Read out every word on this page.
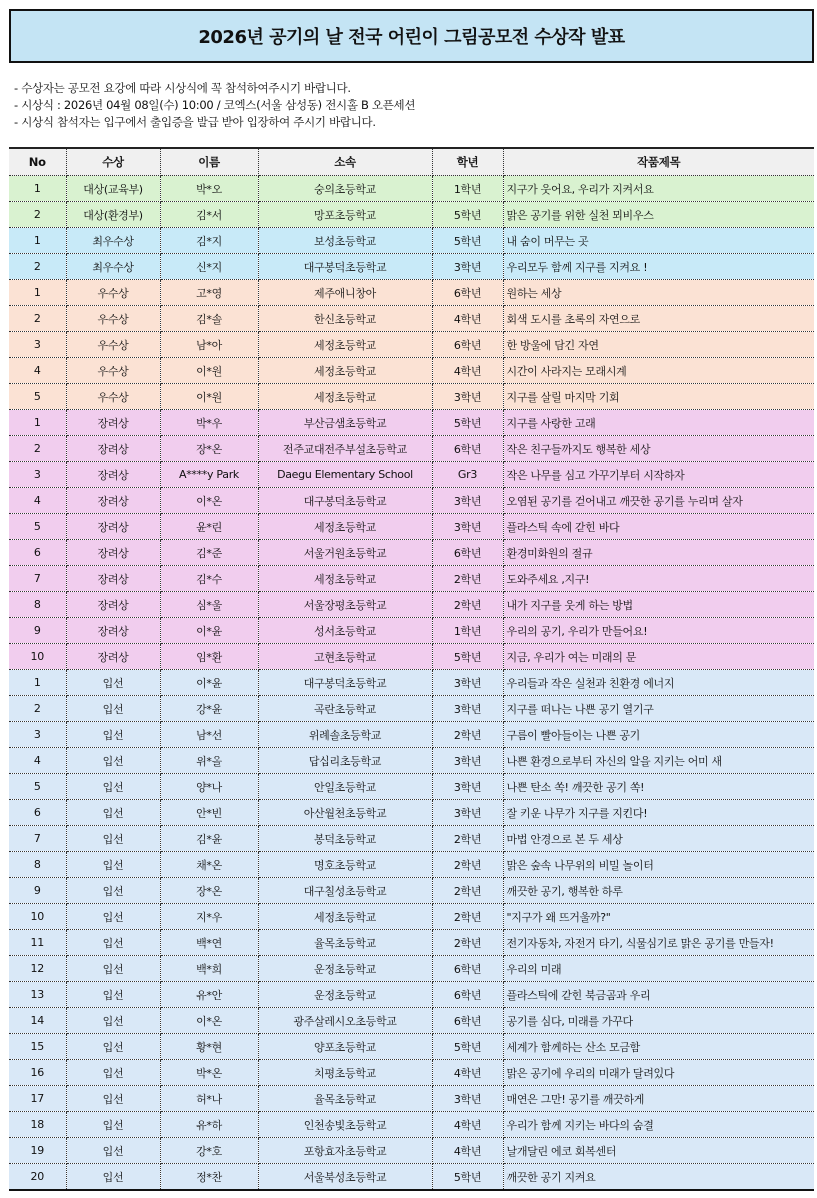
2026년 공기의 날 전국 어린이 그림공모전 수상작 발표
- 수상자는 공모전 요강에 따라 시상식에 꼭 참석하여주시기 바랍니다.
- 시상식 : 2026년 04월 08일(수) 10:00 / 코엑스(서울 삼성동) 전시홀 B 오픈세션
- 시상식 참석자는 입구에서 출입증을 발급 받아 입장하여 주시기 바랍니다.
No	수상	이름	소속	학년	작품제목
1	대상(교육부)	박*오	숭의초등학교	1학년	지구가 웃어요, 우리가 지켜서요
2	대상(환경부)	김*서	망포초등학교	5학년	맑은 공기를 위한 실천 뫼비우스
1	최우수상	김*지	보성초등학교	5학년	내 숨이 머무는 곳
2	최우수상	신*지	대구봉덕초등학교	3학년	우리모두 함께 지구를 지켜요 !
1	우수상	고*영	제주애니창아	6학년	원하는 세상
2	우수상	김*솔	한신초등학교	4학년	회색 도시를 초록의 자연으로
3	우수상	남*아	세정초등학교	6학년	한 방울에 담긴 자연
4	우수상	이*원	세정초등학교	4학년	시간이 사라지는 모래시계
5	우수상	이*원	세정초등학교	3학년	지구를 살릴 마지막 기회
1	장려상	박*우	부산금샘초등학교	5학년	지구를 사랑한 고래
2	장려상	장*온	전주교대전주부설초등학교	6학년	작은 친구들까지도 행복한 세상
3	장려상	A****y Park	Daegu Elementary School	Gr3	작은 나무를 심고 가꾸기부터 시작하자
4	장려상	이*온	대구봉덕초등학교	3학년	오염된 공기를 걷어내고 깨끗한 공기를 누리며 살자
5	장려상	윤*린	세정초등학교	3학년	플라스틱 속에 갇힌 바다
6	장려상	김*준	서울거원초등학교	6학년	환경미화원의 절규
7	장려상	김*수	세정초등학교	2학년	도와주세요 ,지구!
8	장려상	심*울	서울장평초등학교	2학년	내가 지구를 웃게 하는 방법
9	장려상	이*윤	성서초등학교	1학년	우리의 공기, 우리가 만들어요!
10	장려상	임*환	고현초등학교	5학년	지금, 우리가 여는 미래의 문
1	입선	이*윤	대구봉덕초등학교	3학년	우리들과 작은 실천과 친환경 에너지
2	입선	강*윤	곡란초등학교	3학년	지구를 떠나는 나쁜 공기 열기구
3	입선	남*선	위례솔초등학교	2학년	구름이 빨아들이는 나쁜 공기
4	입선	위*올	답십리초등학교	3학년	나쁜 환경으로부터 자신의 알을 지키는 어미 새
5	입선	양*나	안일초등학교	3학년	나쁜 탄소 쏙! 깨끗한 공기 쏙!
6	입선	안*빈	아산월천초등학교	3학년	잘 키운 나무가 지구를 지킨다!
7	입선	김*윤	봉덕초등학교	2학년	마법 안경으로 본 두 세상
8	입선	채*온	명호초등학교	2학년	맑은 숲속 나무위의 비밀 놀이터
9	입선	장*온	대구칠성초등학교	2학년	깨끗한 공기, 행복한 하루
10	입선	지*우	세정초등학교	2학년	"지구가 왜 뜨거울까?"
11	입선	백*연	율목초등학교	2학년	전기자동차, 자전거 타기, 식물심기로 맑은 공기를 만들자!
12	입선	백*희	운정초등학교	6학년	우리의 미래
13	입선	유*안	운정초등학교	6학년	플라스틱에 갇힌 북금곰과 우리
14	입선	이*온	광주살레시오초등학교	6학년	공기를 심다, 미래를 가꾸다
15	입선	황*현	양포초등학교	5학년	세계가 함께하는 산소 모금함
16	입선	박*온	치평초등학교	4학년	맑은 공기에 우리의 미래가 달려있다
17	입선	허*나	율목초등학교	3학년	매연은 그만! 공기를 깨끗하게
18	입선	유*하	인천송빛초등학교	4학년	우리가 함께 지키는 바다의 숨결
19	입선	강*호	포항효자초등학교	4학년	날개달린 에코 회복센터
20	입선	정*찬	서울북성초등학교	5학년	깨끗한 공기 지켜요
